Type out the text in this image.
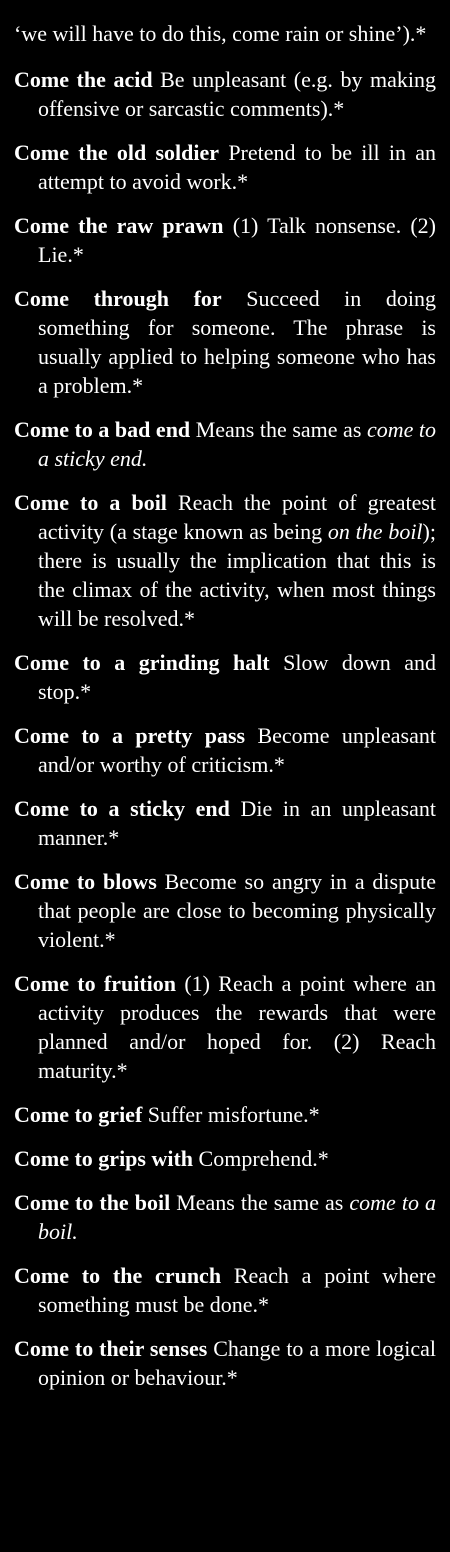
‘we will have to do this, come rain or shine’).*

Come the acid Be unpleasant (e.g. by making offensive or sarcastic comments).*

Come the old soldier Pretend to be ill in an attempt to avoid work.*

Come the raw prawn (1) Talk nonsense. (2) Lie.*

Come through for Succeed in doing something for someone. The phrase is usually applied to helping someone who has a problem.*

Come to a bad end Means the same as come to a sticky end.

Come to a boil Reach the point of greatest activity (a stage known as being on the boil); there is usually the implication that this is the climax of the activity, when most things will be resolved.*

Come to a grinding halt Slow down and stop.*

Come to a pretty pass Become unpleasant and/or worthy of criticism.*

Come to a sticky end Die in an unpleasant manner.*

Come to blows Become so angry in a dispute that people are close to becoming physically violent.*

Come to fruition (1) Reach a point where an activity produces the rewards that were planned and/or hoped for. (2) Reach maturity.*

Come to grief Suffer misfortune.*

Come to grips with Comprehend.*

Come to the boil Means the same as come to a boil.

Come to the crunch Reach a point where something must be done.*

Come to their senses Change to a more logical opinion or behaviour.*
